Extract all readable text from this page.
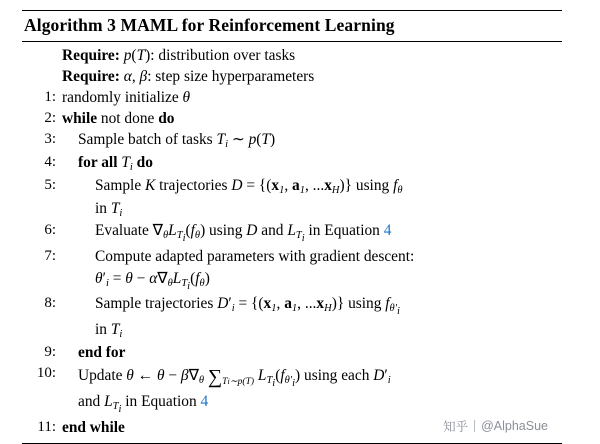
Algorithm 3 MAML for Reinforcement Learning
Require: p(T): distribution over tasks
Require: α, β: step size hyperparameters
1: randomly initialize θ
2: while not done do
3:	Sample batch of tasks $T_i$ ∼ p(T)
4:	for all $T_i$ do
5:	Sample K trajectories $D = \{(x_1$, $a_1$, $...x_H$)} using $f_\theta$
in $T_i$
6:	Evaluate $\nabla_\theta L_{Ti}(f_\theta)$ using D and $L_{Ti}$ in Equation 4
7:	Compute adapted parameters with gradient descent:
$\theta'_i = \theta - \alpha\nabla_\theta L_{Ti}(f_\theta)$
8:	Sample trajectories $D'_i = \{(x_1$, $a_1$, $...x_H$)} using $f_{\theta'i}$
in $T_i$
9:	end for
10:	Update θ ← $\theta - \beta\nabla_\theta$ ∑Ti∼p(T) $L_{Ti}(f_{\theta'i})$ using each $D'_i$
and $L_{Ti}$ in Equation 4
11: end while	知乎 @AlphaSue
